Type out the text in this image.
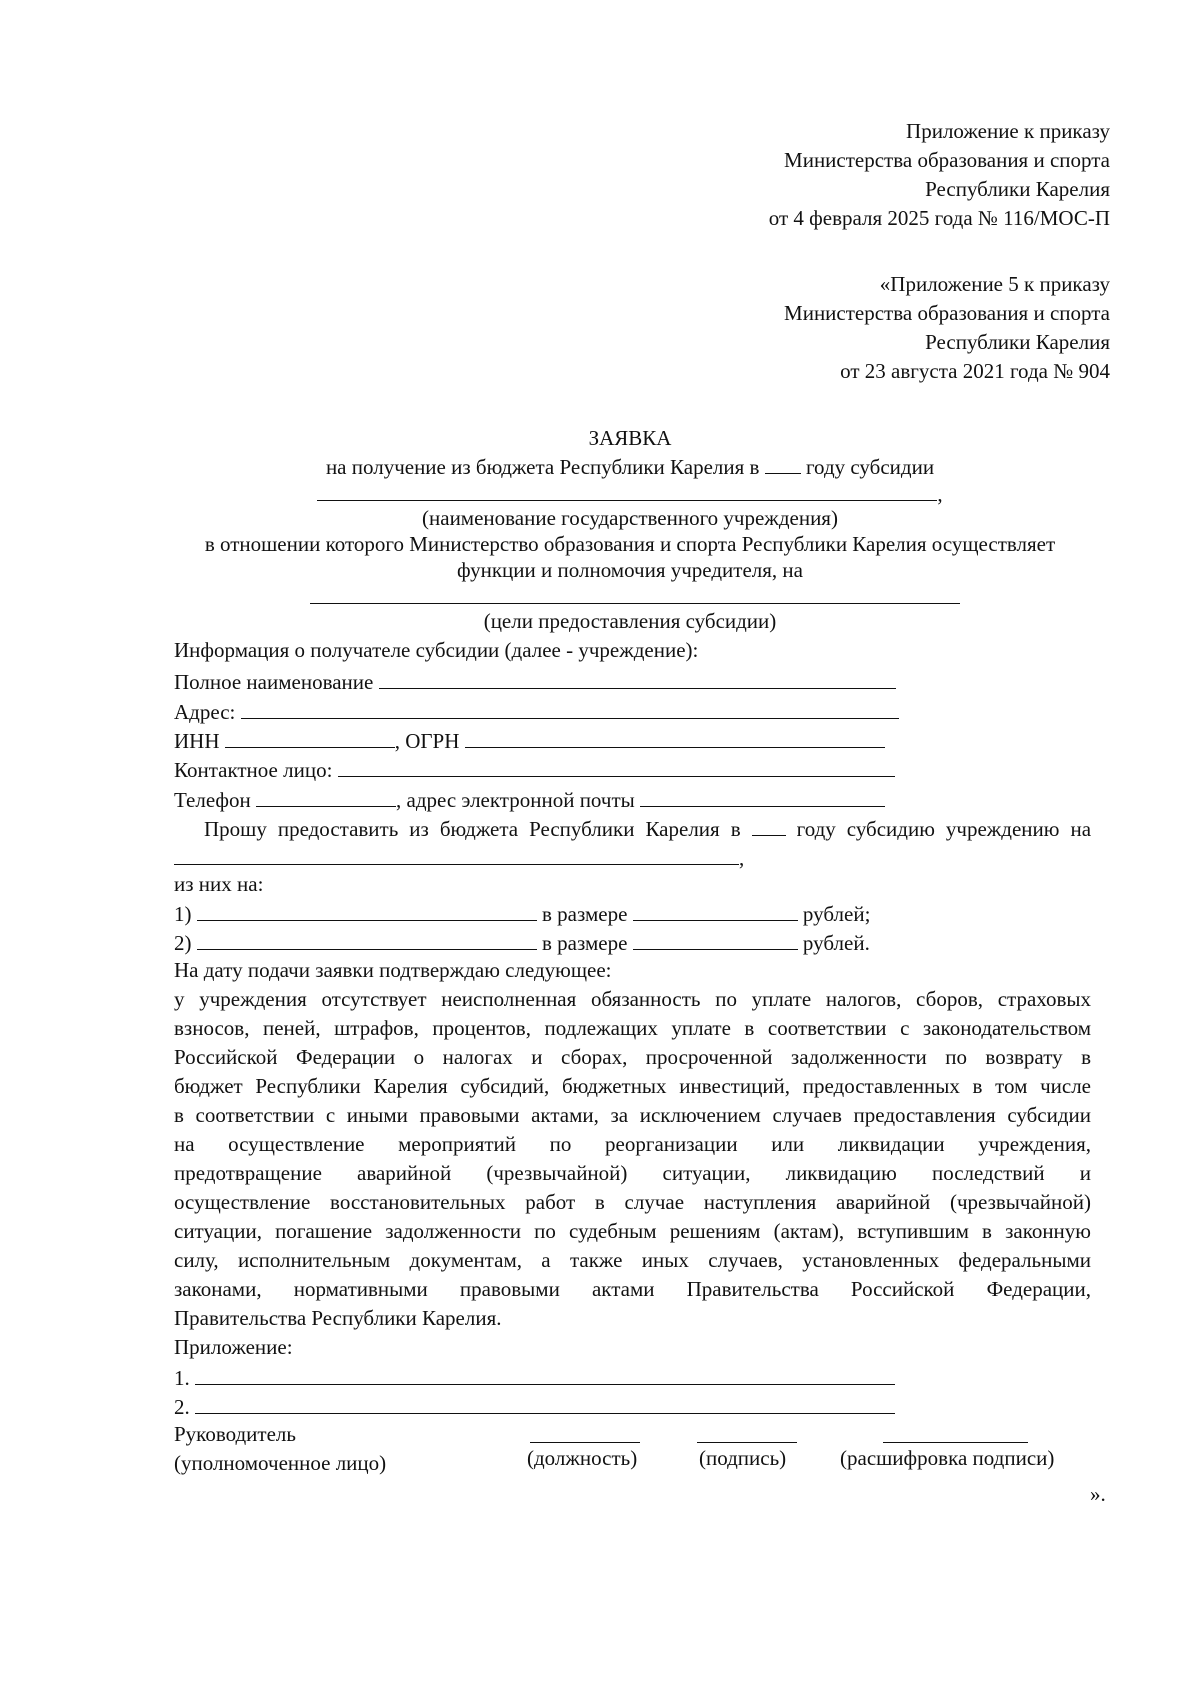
Приложение к приказу
Министерства образования и спорта
Республики Карелия
от 4 февраля 2025 года № 116/МОС-П
«Приложение 5 к приказу
Министерства образования и спорта
Республики Карелия
от 23 августа 2021 года № 904
ЗАЯВКА
на получение из бюджета Республики Карелия в году субсидии
,
(наименование государственного учреждения)
в отношении которого Министерство образования и спорта Республики Карелия осуществляет
функции и полномочия учредителя, на
(цели предоставления субсидии)
Информация о получателе субсидии (далее - учреждение):
Полное наименование
Адрес:
ИНН	, ОГРН
Контактное лицо:
Телефон	, адрес электронной почты
Прошу предоставить из бюджета Республики Карелия в	году субсидию учреждению на
,
из них на:
1)	в размере	рублей;
2)	в размере	рублей.
На дату подачи заявки подтверждаю следующее:
у учреждения отсутствует неисполненная обязанность по уплате налогов, сборов, страховых
взносов, пеней, штрафов, процентов, подлежащих уплате в соответствии с законодательством
Российской Федерации о налогах и сборах, просроченной задолженности по возврату в
бюджет Республики Карелия субсидий, бюджетных инвестиций, предоставленных в том числе
в соответствии с иными правовыми актами, за исключением случаев предоставления субсидии
на осуществление мероприятий по реорганизации или ликвидации учреждения,
предотвращение аварийной (чрезвычайной) ситуации, ликвидацию последствий и
осуществление восстановительных работ в случае наступления аварийной (чрезвычайной)
ситуации, погашение задолженности по судебным решениям (актам), вступившим в законную
силу, исполнительным документам, а также иных случаев, установленных федеральными
законами, нормативными правовыми актами Правительства Российской Федерации,
Правительства Республики Карелия.
Приложение:
1.
2.
Руководитель
(уполномоченное лицо)	(должность)	(подпись)	(расшифровка подписи)
».
